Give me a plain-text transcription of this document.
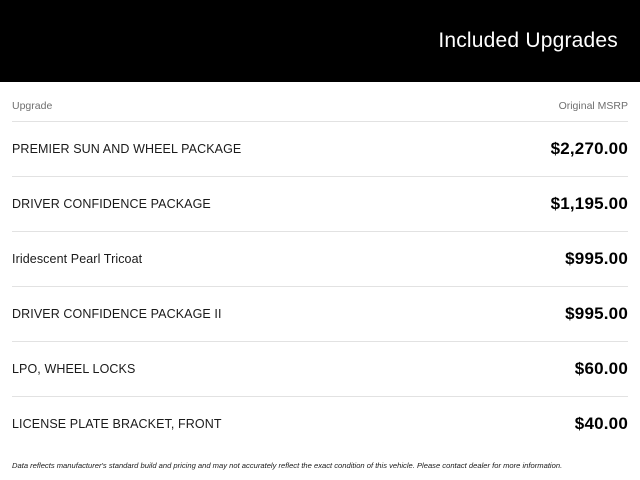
Included Upgrades
Upgrade	Original MSRP
PREMIER SUN AND WHEEL PACKAGE	$2,270.00
DRIVER CONFIDENCE PACKAGE	$1,195.00
Iridescent Pearl Tricoat	$995.00
DRIVER CONFIDENCE PACKAGE II	$995.00
LPO, WHEEL LOCKS	$60.00
LICENSE PLATE BRACKET, FRONT	$40.00
Data reflects manufacturer's standard build and pricing and may not accurately reflect the exact condition of this vehicle. Please contact dealer for more information.
